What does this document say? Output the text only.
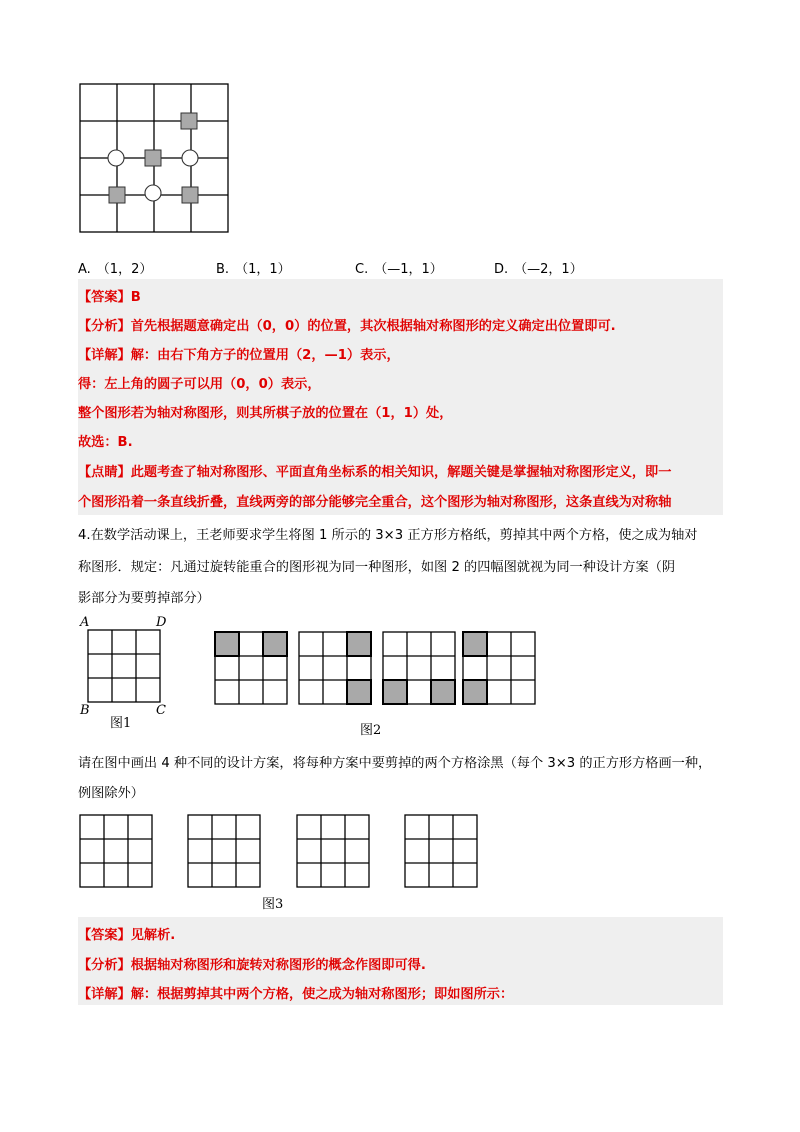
A. （1，2）	B. （1，1）	C. （—1，1）	D. （—2，1）
【答案】B
【分析】首先根据题意确定出（0，0）的位置，其次根据轴对称图形的定义确定出位置即可.
【详解】解：由右下角方子的位置用（2，—1）表示，
得：左上角的圆子可以用（0，0）表示，
整个图形若为轴对称图形，则其所棋子放的位置在（1，1）处，
故选：B.
【点睛】此题考查了轴对称图形、平面直角坐标系的相关知识，解题关键是掌握轴对称图形定义，即一
个图形沿着一条直线折叠，直线两旁的部分能够完全重合，这个图形为轴对称图形，这条直线为对称轴
4.在数学活动课上，王老师要求学生将图 1 所示的 3×3 正方形方格纸，剪掉其中两个方格，使之成为轴对
称图形．规定：凡通过旋转能重合的图形视为同一种图形，如图 2 的四幅图就视为同一种设计方案（阴
影部分为要剪掉部分）
A	D
B	C
图1	图2
请在图中画出 4 种不同的设计方案，将每种方案中要剪掉的两个方格涂黑（每个 3×3 的正方形方格画一种，
例图除外）
图3
【答案】见解析.
【分析】根据轴对称图形和旋转对称图形的概念作图即可得.
【详解】解：根据剪掉其中两个方格，使之成为轴对称图形；即如图所示：
